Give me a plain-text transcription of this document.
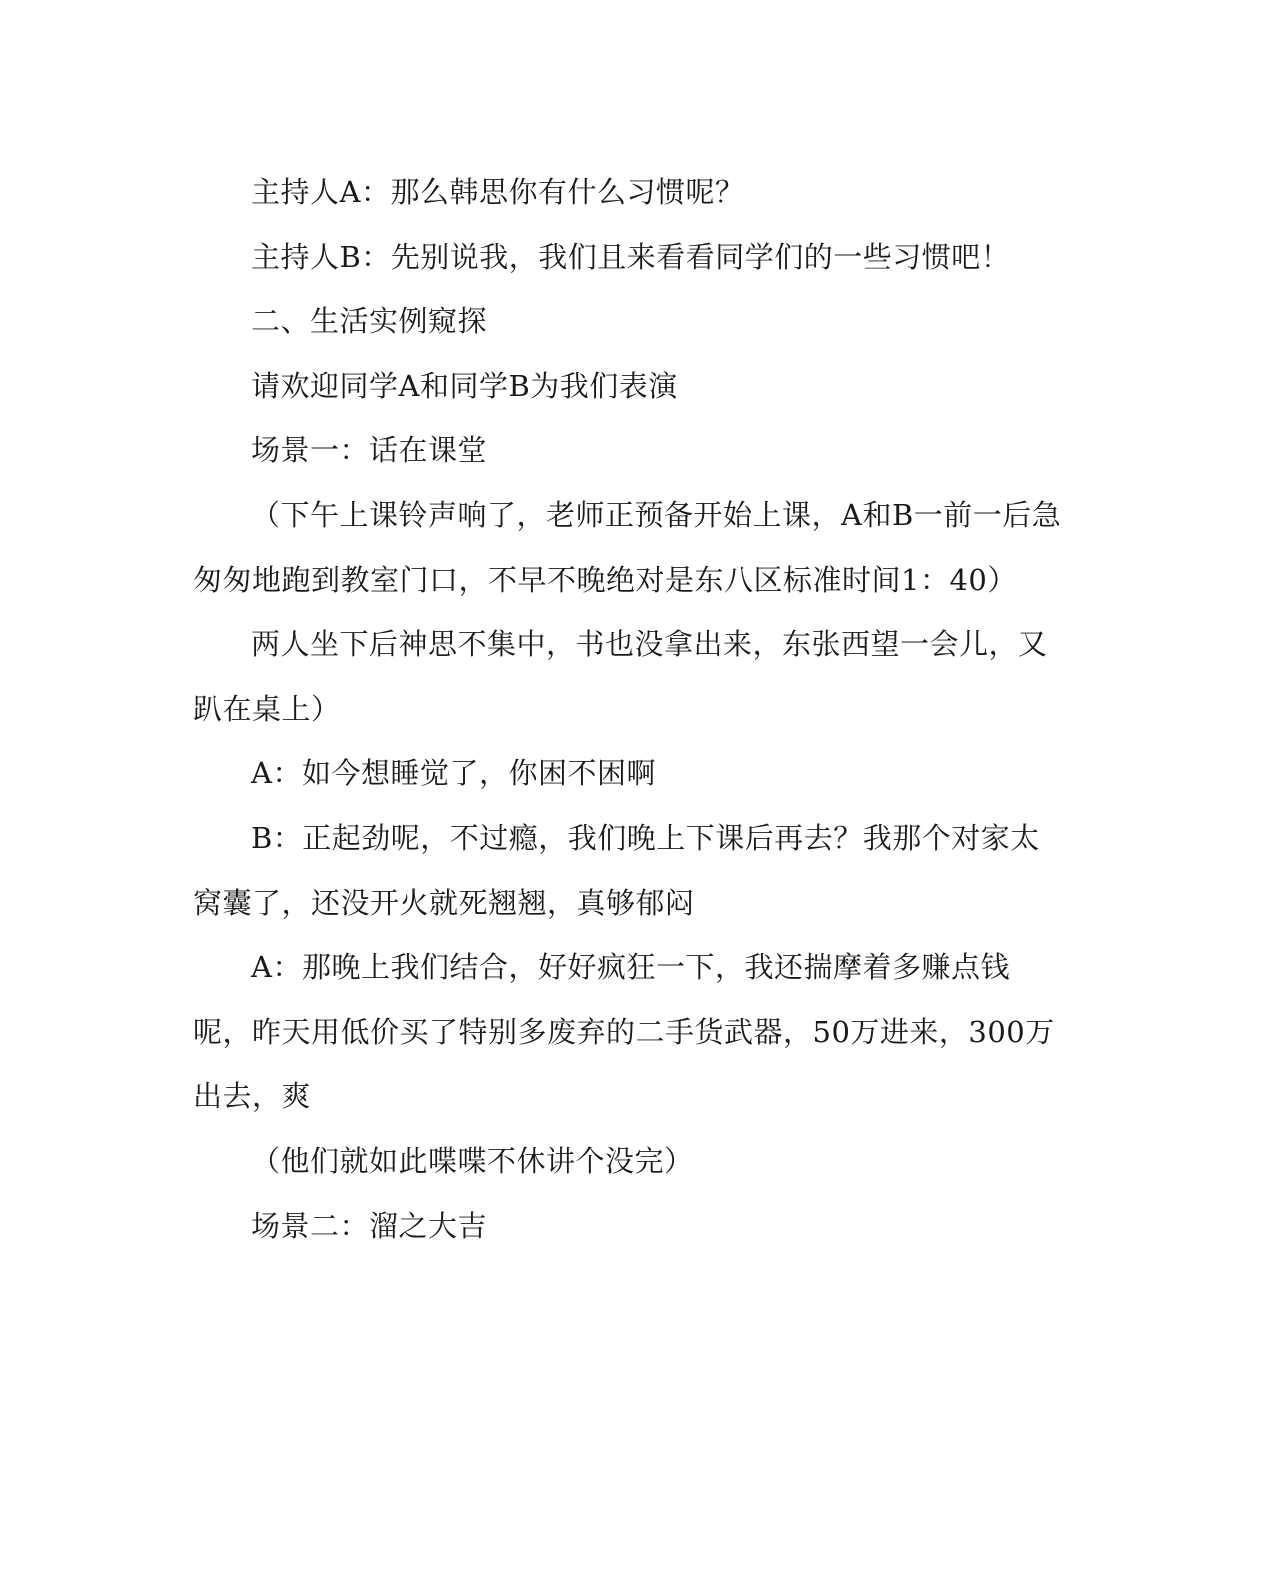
主持人A：那么韩思你有什么习惯呢？

主持人B：先别说我，我们且来看看同学们的一些习惯吧！

二、生活实例窥探

请欢迎同学A和同学B为我们表演

场景一：话在课堂

（下午上课铃声响了，老师正预备开始上课，A和B一前一后急匆匆地跑到教室门口，不早不晚绝对是东八区标准时间1：40）

两人坐下后神思不集中，书也没拿出来，东张西望一会儿，又趴在桌上）

A：如今想睡觉了，你困不困啊

B：正起劲呢，不过瘾，我们晚上下课后再去？我那个对家太窝囊了，还没开火就死翘翘，真够郁闷

A：那晚上我们结合，好好疯狂一下，我还揣摩着多赚点钱呢，昨天用低价买了特别多废弃的二手货武器，50万进来，300万出去，爽

（他们就如此喋喋不休讲个没完）

场景二：溜之大吉
